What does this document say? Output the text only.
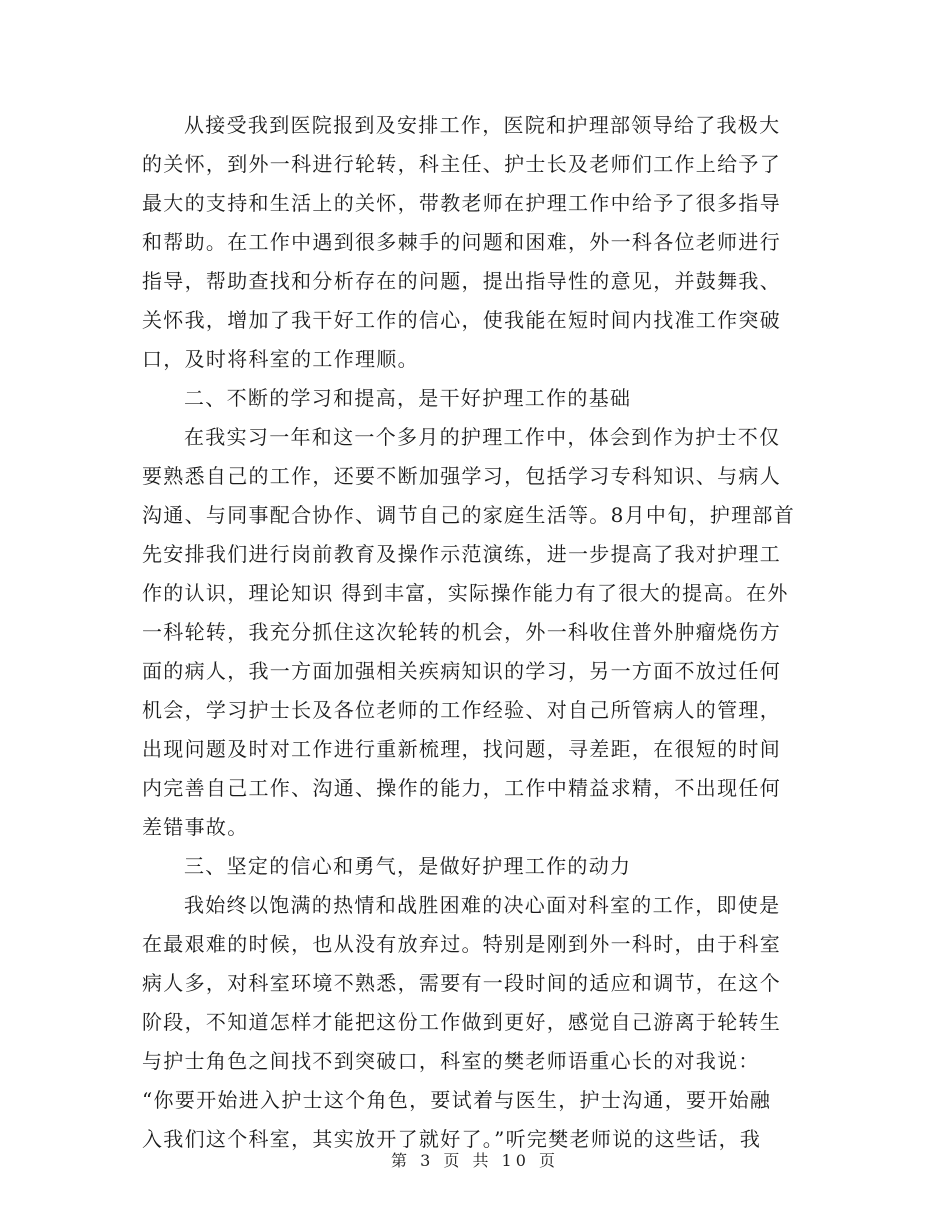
从接受我到医院报到及安排工作，医院和护理部领导给了我极大
的关怀，到外一科进行轮转，科主任、护士长及老师们工作上给予了
最大的支持和生活上的关怀，带教老师在护理工作中给予了很多指导
和帮助。在工作中遇到很多棘手的问题和困难，外一科各位老师进行
指导，帮助查找和分析存在的问题，提出指导性的意见，并鼓舞我、
关怀我，增加了我干好工作的信心，使我能在短时间内找准工作突破
口，及时将科室的工作理顺。
二、不断的学习和提高，是干好护理工作的基础
在我实习一年和这一个多月的护理工作中，体会到作为护士不仅
要熟悉自己的工作，还要不断加强学习，包括学习专科知识、与病人
沟通、与同事配合协作、调节自己的家庭生活等。8月中旬，护理部首
先安排我们进行岗前教育及操作示范演练，进一步提高了我对护理工
作的认识，理论知识 得到丰富，实际操作能力有了很大的提高。在外
一科轮转，我充分抓住这次轮转的机会，外一科收住普外肿瘤烧伤方
面的病人，我一方面加强相关疾病知识的学习，另一方面不放过任何
机会，学习护士长及各位老师的工作经验、对自己所管病人的管理，
出现问题及时对工作进行重新梳理，找问题，寻差距，在很短的时间
内完善自己工作、沟通、操作的能力，工作中精益求精，不出现任何
差错事故。
三、坚定的信心和勇气，是做好护理工作的动力
我始终以饱满的热情和战胜困难的决心面对科室的工作，即使是
在最艰难的时候，也从没有放弃过。特别是刚到外一科时，由于科室
病人多，对科室环境不熟悉，需要有一段时间的适应和调节，在这个
阶段，不知道怎样才能把这份工作做到更好，感觉自己游离于轮转生
与护士角色之间找不到突破口，科室的樊老师语重心长的对我说：
“你要开始进入护士这个角色，要试着与医生，护士沟通，要开始融
入我们这个科室，其实放开了就好了。”听完樊老师说的这些话，我
第 3 页 共 10 页
